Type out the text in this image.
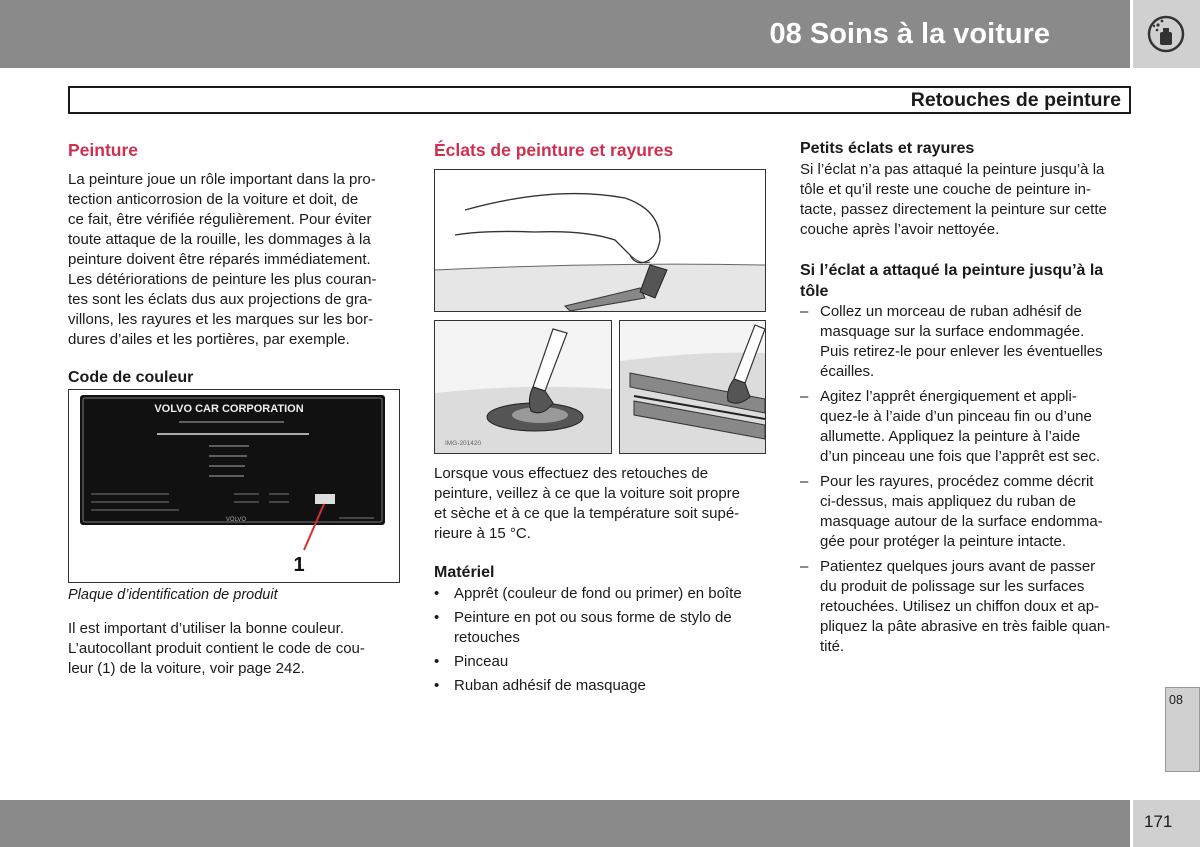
08 Soins à la voiture
Retouches de peinture
Peinture
La peinture joue un rôle important dans la pro-
tection anticorrosion de la voiture et doit, de
ce fait, être vérifiée régulièrement. Pour éviter
toute attaque de la rouille, les dommages à la
peinture doivent être réparés immédiatement.
Les détériorations de peinture les plus couran-
tes sont les éclats dus aux projections de gra-
villons, les rayures et les marques sur les bor-
dures d’ailes et les portières, par exemple.
Code de couleur
VOLVO CAR CORPORATION
VOLVO
1
Plaque d’identification de produit
Il est important d’utiliser la bonne couleur.
L’autocollant produit contient le code de cou-
leur (1) de la voiture, voir page 242.
Éclats de peinture et rayures
IMG-201420
Lorsque vous effectuez des retouches de
peinture, veillez à ce que la voiture soit propre
et sèche et à ce que la température soit supé-
rieure à 15 °C.
Matériel
• Apprêt (couleur de fond ou primer) en boîte
• Peinture en pot ou sous forme de stylo de
retouches
• Pinceau
• Ruban adhésif de masquage
Petits éclats et rayures
Si l’éclat n’a pas attaqué la peinture jusqu’à la
tôle et qu’il reste une couche de peinture in-
tacte, passez directement la peinture sur cette
couche après l’avoir nettoyée.
Si l’éclat a attaqué la peinture jusqu’à la
tôle
– Collez un morceau de ruban adhésif de
masquage sur la surface endommagée.
Puis retirez-le pour enlever les éventuelles
écailles.
– Agitez l’apprêt énergiquement et appli-
quez-le à l’aide d’un pinceau fin ou d’une
allumette. Appliquez la peinture à l’aide
d’un pinceau une fois que l’apprêt est sec.
– Pour les rayures, procédez comme décrit
ci-dessus, mais appliquez du ruban de
masquage autour de la surface endomma-
gée pour protéger la peinture intacte.
– Patientez quelques jours avant de passer
du produit de polissage sur les surfaces
retouchées. Utilisez un chiffon doux et ap-
pliquez la pâte abrasive en très faible quan-
tité.
08
171
